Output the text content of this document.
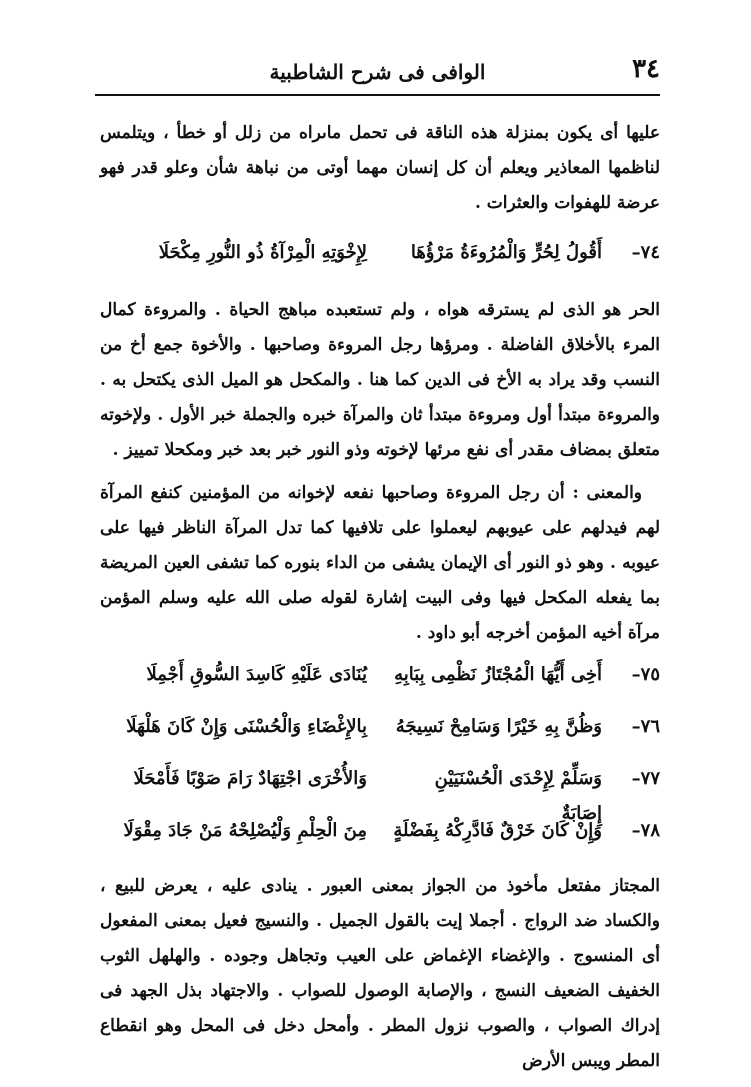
٣٤
الوافى فى شرح الشاطبية

عليها أى يكون بمنزلة هذه الناقة فى تحمل ماىراه من زلل أو خطأ ، ويتلمس لناظمها المعاذير ويعلم أن كل إنسان مهما أوتى من نباهة شأن وعلو قدر فهو عرضة للهفوات والعثرات .

٧٤–
أَقُولُ لِحُرٍّ وَالْمُرُوءَةُ مَرْؤُهَا
لِإِخْوَتِهِ الْمِرْآةُ ذُو النُّورِ مِكْحَلَا

الحر هو الذى لم يسترقه هواه ، ولم تستعبده مباهج الحياة . والمروءة كمال المرء بالأخلاق الفاضلة . ومرؤها رجل المروءة وصاحبها . والأخوة جمع أخ من النسب وقد يراد به الأخ فى الدين كما هنا . والمكحل هو الميل الذى يكتحل به . والمروءة مبتدأ أول ومروءة مبتدأ ثان والمرآة خبره والجملة خبر الأول . ولإخوته متعلق بمضاف مقدر أى نفع مرئها لإخوته وذو النور خبر بعد خبر ومكحلا تمييز .

والمعنى : أن رجل المروءة وصاحبها نفعه لإخوانه من المؤمنين كنفع المرآة لهم فيدلهم على عيوبهم ليعملوا على تلافيها كما تدل المرآة الناظر فيها على عيوبه . وهو ذو النور أى الإيمان يشفى من الداء بنوره كما تشفى العين المريضة بما يفعله المكحل فيها وفى البيت إشارة لقوله صلى الله عليه وسلم المؤمن مرآة أخيه المؤمن أخرجه أبو داود .

٧٥–
أَخِى أَيُّهَا الْمُجْتَازُ نَظْمِى بِبَابِهِ
يُنَادَى عَلَيْهِ كَاسِدَ السُّوقِ أَجْمِلَا
٧٦–
وَظُنَّ بِهِ خَيْرًا وَسَامِحْ نَسِيجَهُ
بِالإِغْضَاءِ وَالْحُسْنَى وَإِنْ كَانَ هَلْهَلَا
٧٧–
وَسَلِّمْ لِإِحْدَى الْحُسْنَيَيْنِ إِصَابَةٌ
وَالأُخْرَى اجْتِهَادٌ رَامَ صَوْبًا فَأَمْحَلَا
٧٨–
وَإِنْ كَانَ خَرْقٌ فَادَّرِكْهُ بِفَضْلَةٍ
مِنَ الْحِلْمِ وَلْيُصْلِحْهُ مَنْ جَادَ مِقْوَلَا

المجتاز مفتعل مأخوذ من الجواز بمعنى العبور . ينادى عليه ، يعرض للبيع ، والكساد ضد الرواج . أجملا إيت بالقول الجميل . والنسيج فعيل بمعنى المفعول أى المنسوج . والإغضاء الإغماض على العيب وتجاهل وجوده . والهلهل الثوب الخفيف الضعيف النسج ، والإصابة الوصول للصواب . والاجتهاد بذل الجهد فى إدراك الصواب ، والصوب نزول المطر . وأمحل دخل فى المحل وهو انقطاع المطر ويبس الأرض
